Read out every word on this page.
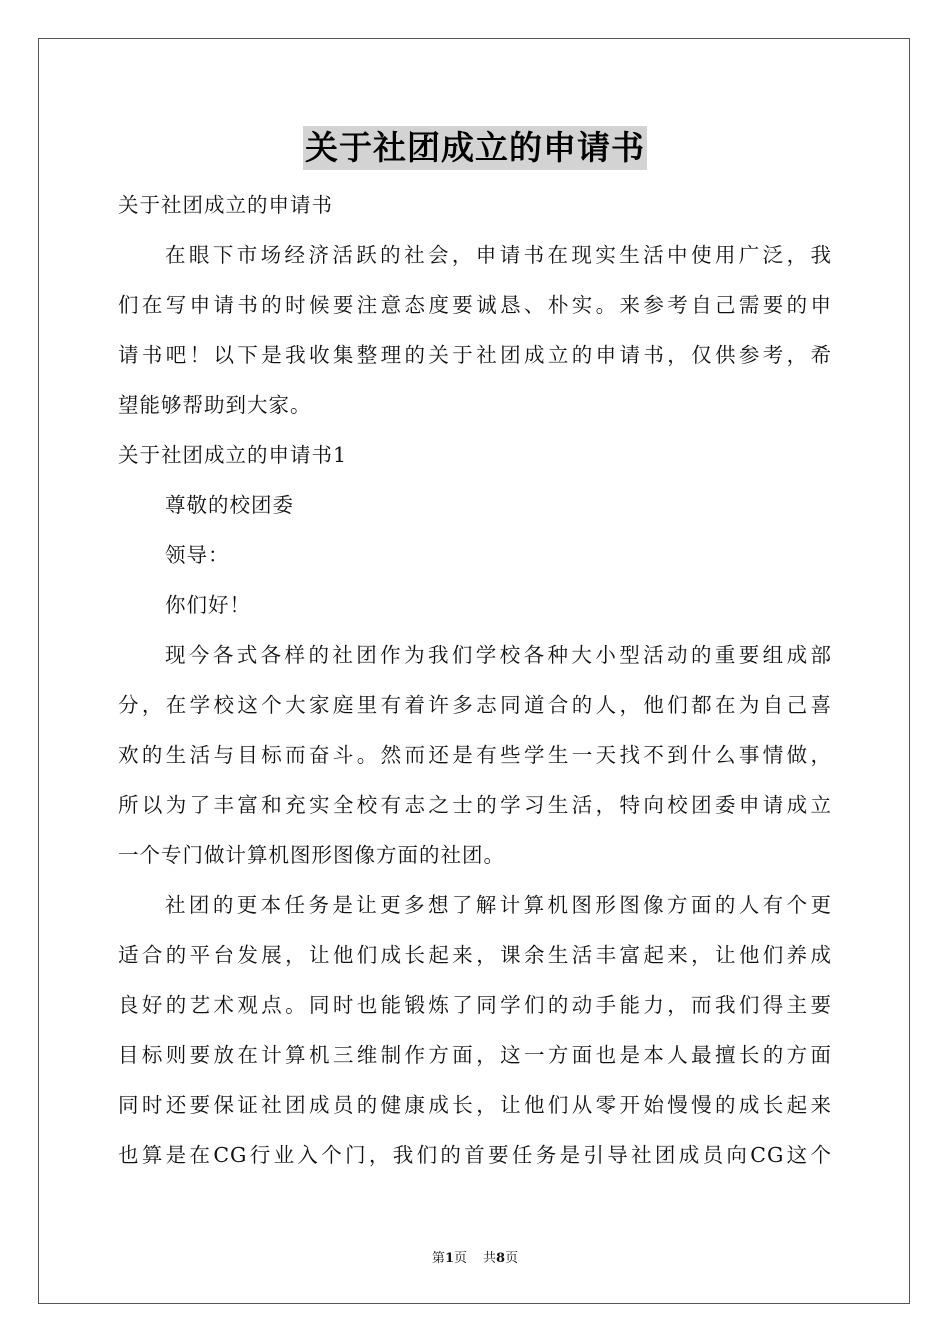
关于社团成立的申请书
关于社团成立的申请书
在眼下市场经济活跃的社会，申请书在现实生活中使用广泛，我
们在写申请书的时候要注意态度要诚恳、朴实。来参考自己需要的申
请书吧！以下是我收集整理的关于社团成立的申请书，仅供参考，希
望能够帮助到大家。
关于社团成立的申请书1
尊敬的校团委
领导：
你们好！
现今各式各样的社团作为我们学校各种大小型活动的重要组成部
分，在学校这个大家庭里有着许多志同道合的人，他们都在为自己喜
欢的生活与目标而奋斗。然而还是有些学生一天找不到什么事情做，
所以为了丰富和充实全校有志之士的学习生活，特向校团委申请成立
一个专门做计算机图形图像方面的社团。
社团的更本任务是让更多想了解计算机图形图像方面的人有个更
适合的平台发展，让他们成长起来，课余生活丰富起来，让他们养成
良好的艺术观点。同时也能锻炼了同学们的动手能力，而我们得主要
目标则要放在计算机三维制作方面，这一方面也是本人最擅长的方面
同时还要保证社团成员的健康成长，让他们从零开始慢慢的成长起来
也算是在CG行业入个门，我们的首要任务是引导社团成员向CG这个
第1页 共8页
